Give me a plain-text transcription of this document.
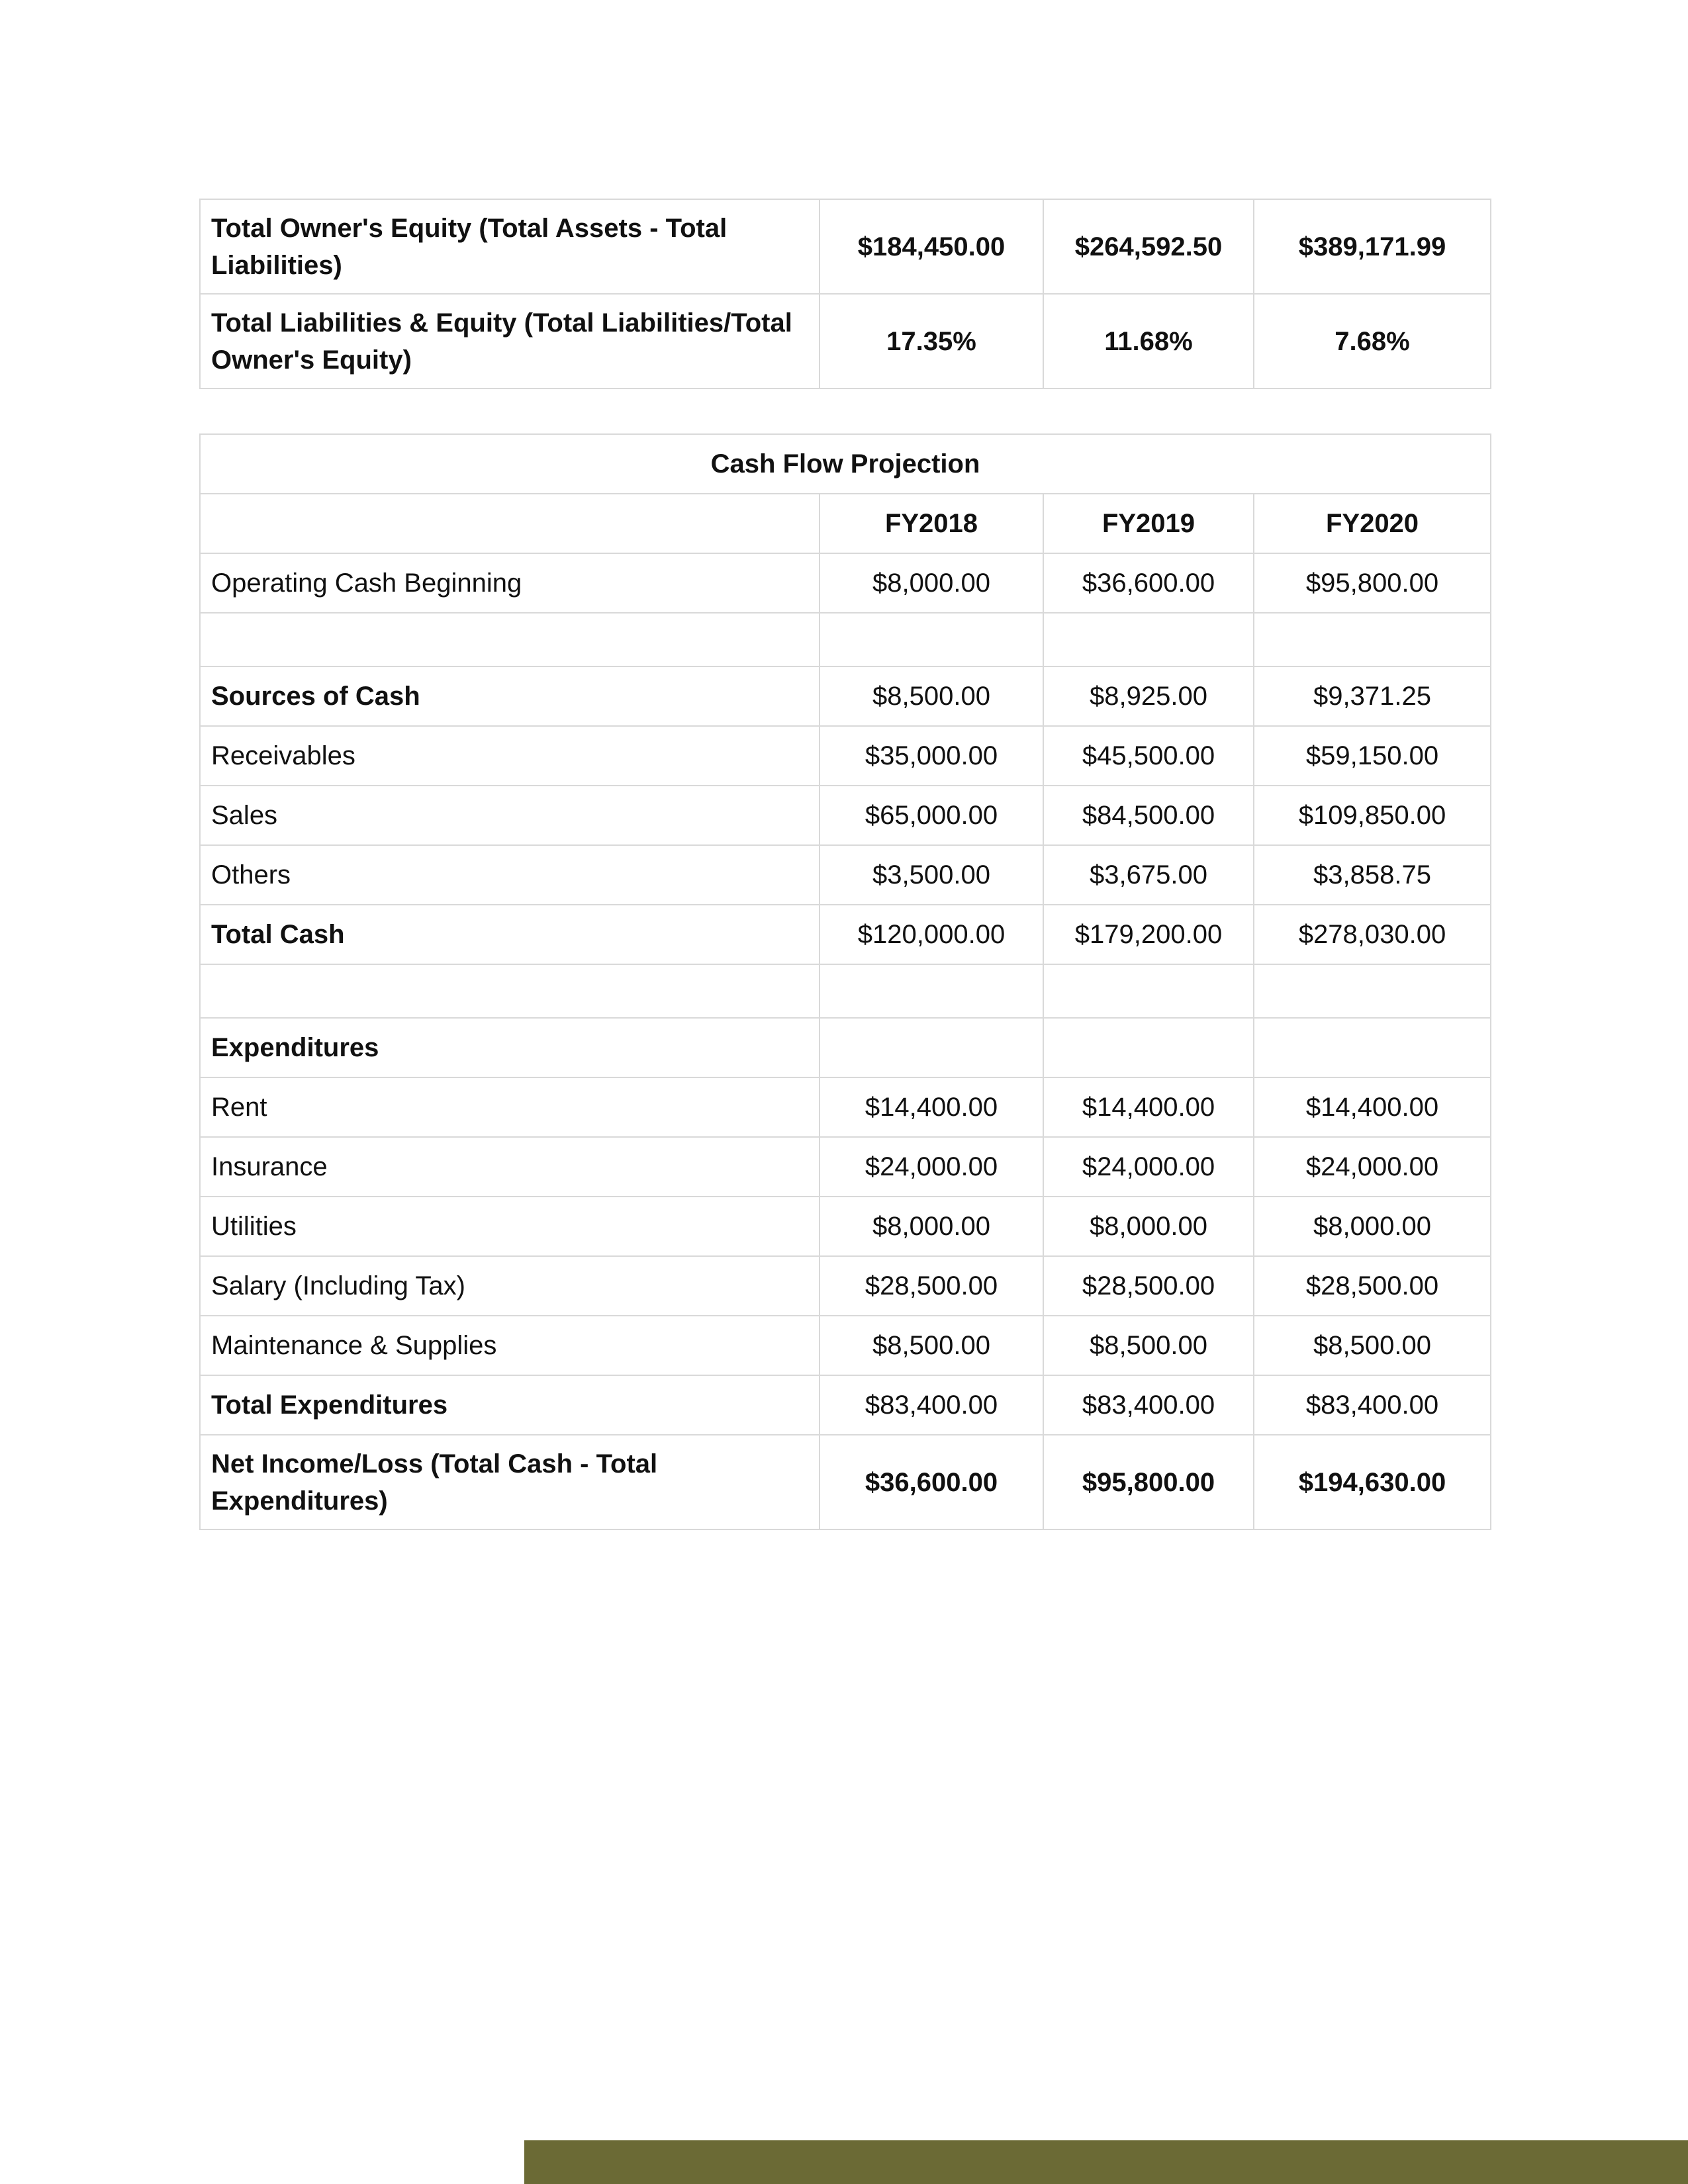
Total Owner's Equity (Total Assets - Total Liabilities)	$184,450.00	$264,592.50	$389,171.99
Total Liabilities & Equity (Total Liabilities/Total Owner's Equity)	17.35%	11.68%	7.68%
Cash Flow Projection			
	FY2018	FY2019	FY2020
Operating Cash Beginning	$8,000.00	$36,600.00	$95,800.00

Sources of Cash	$8,500.00	$8,925.00	$9,371.25
Receivables	$35,000.00	$45,500.00	$59,150.00
Sales	$65,000.00	$84,500.00	$109,850.00
Others	$3,500.00	$3,675.00	$3,858.75
Total Cash	$120,000.00	$179,200.00	$278,030.00

Expenditures			
Rent	$14,400.00	$14,400.00	$14,400.00
Insurance	$24,000.00	$24,000.00	$24,000.00
Utilities	$8,000.00	$8,000.00	$8,000.00
Salary (Including Tax)	$28,500.00	$28,500.00	$28,500.00
Maintenance & Supplies	$8,500.00	$8,500.00	$8,500.00
Total Expenditures	$83,400.00	$83,400.00	$83,400.00
Net Income/Loss (Total Cash - Total Expenditures)	$36,600.00	$95,800.00	$194,630.00
